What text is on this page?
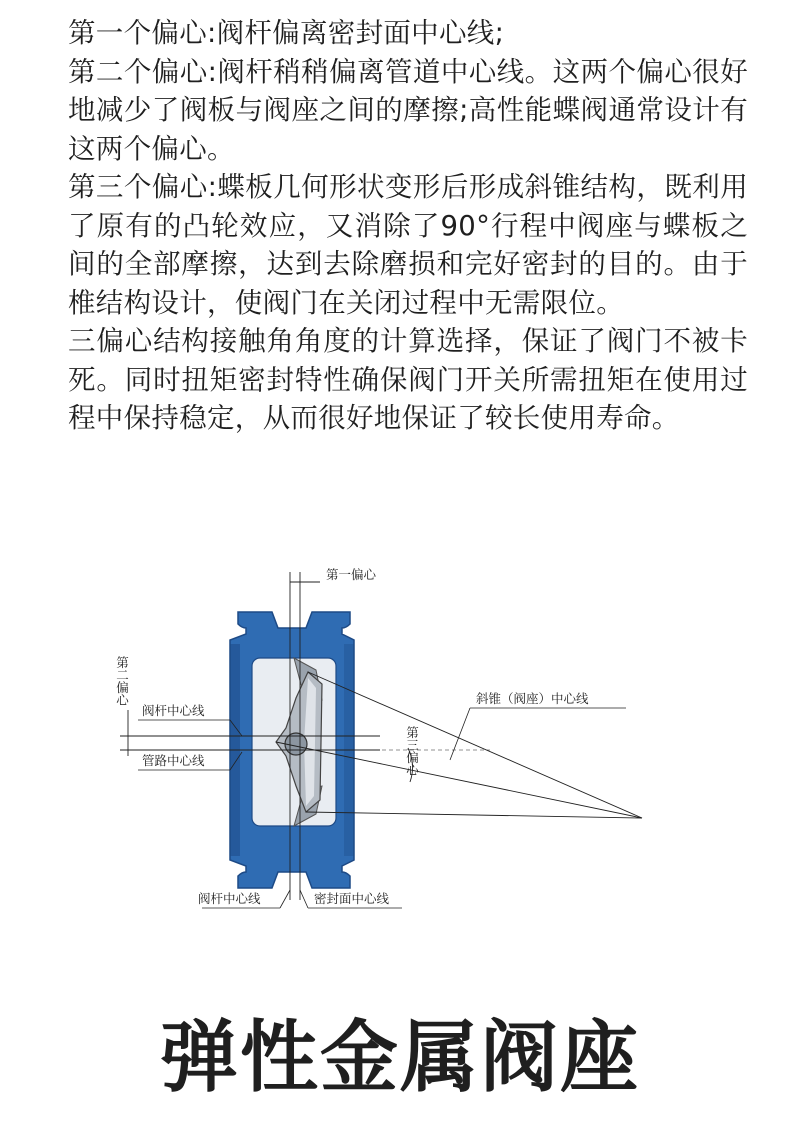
第一个偏心:阀杆偏离密封面中心线;

第二个偏心:阀杆稍稍偏离管道中心线。这两个偏心很好地减少了阀板与阀座之间的摩擦;高性能蝶阀通常设计有这两个偏心。

第三个偏心:蝶板几何形状变形后形成斜锥结构，既利用了原有的凸轮效应，又消除了90°行程中阀座与蝶板之间的全部摩擦，达到去除磨损和完好密封的目的。由于椎结构设计，使阀门在关闭过程中无需限位。

三偏心结构接触角角度的计算选择，保证了阀门不被卡死。同时扭矩密封特性确保阀门开关所需扭矩在使用过程中保持稳定，从而很好地保证了较长使用寿命。

第一偏心
第二偏心
阀杆中心线
管路中心线
斜锥（阀座）中心线
第三偏心
阀杆中心线	密封面中心线
弹性金属阀座
